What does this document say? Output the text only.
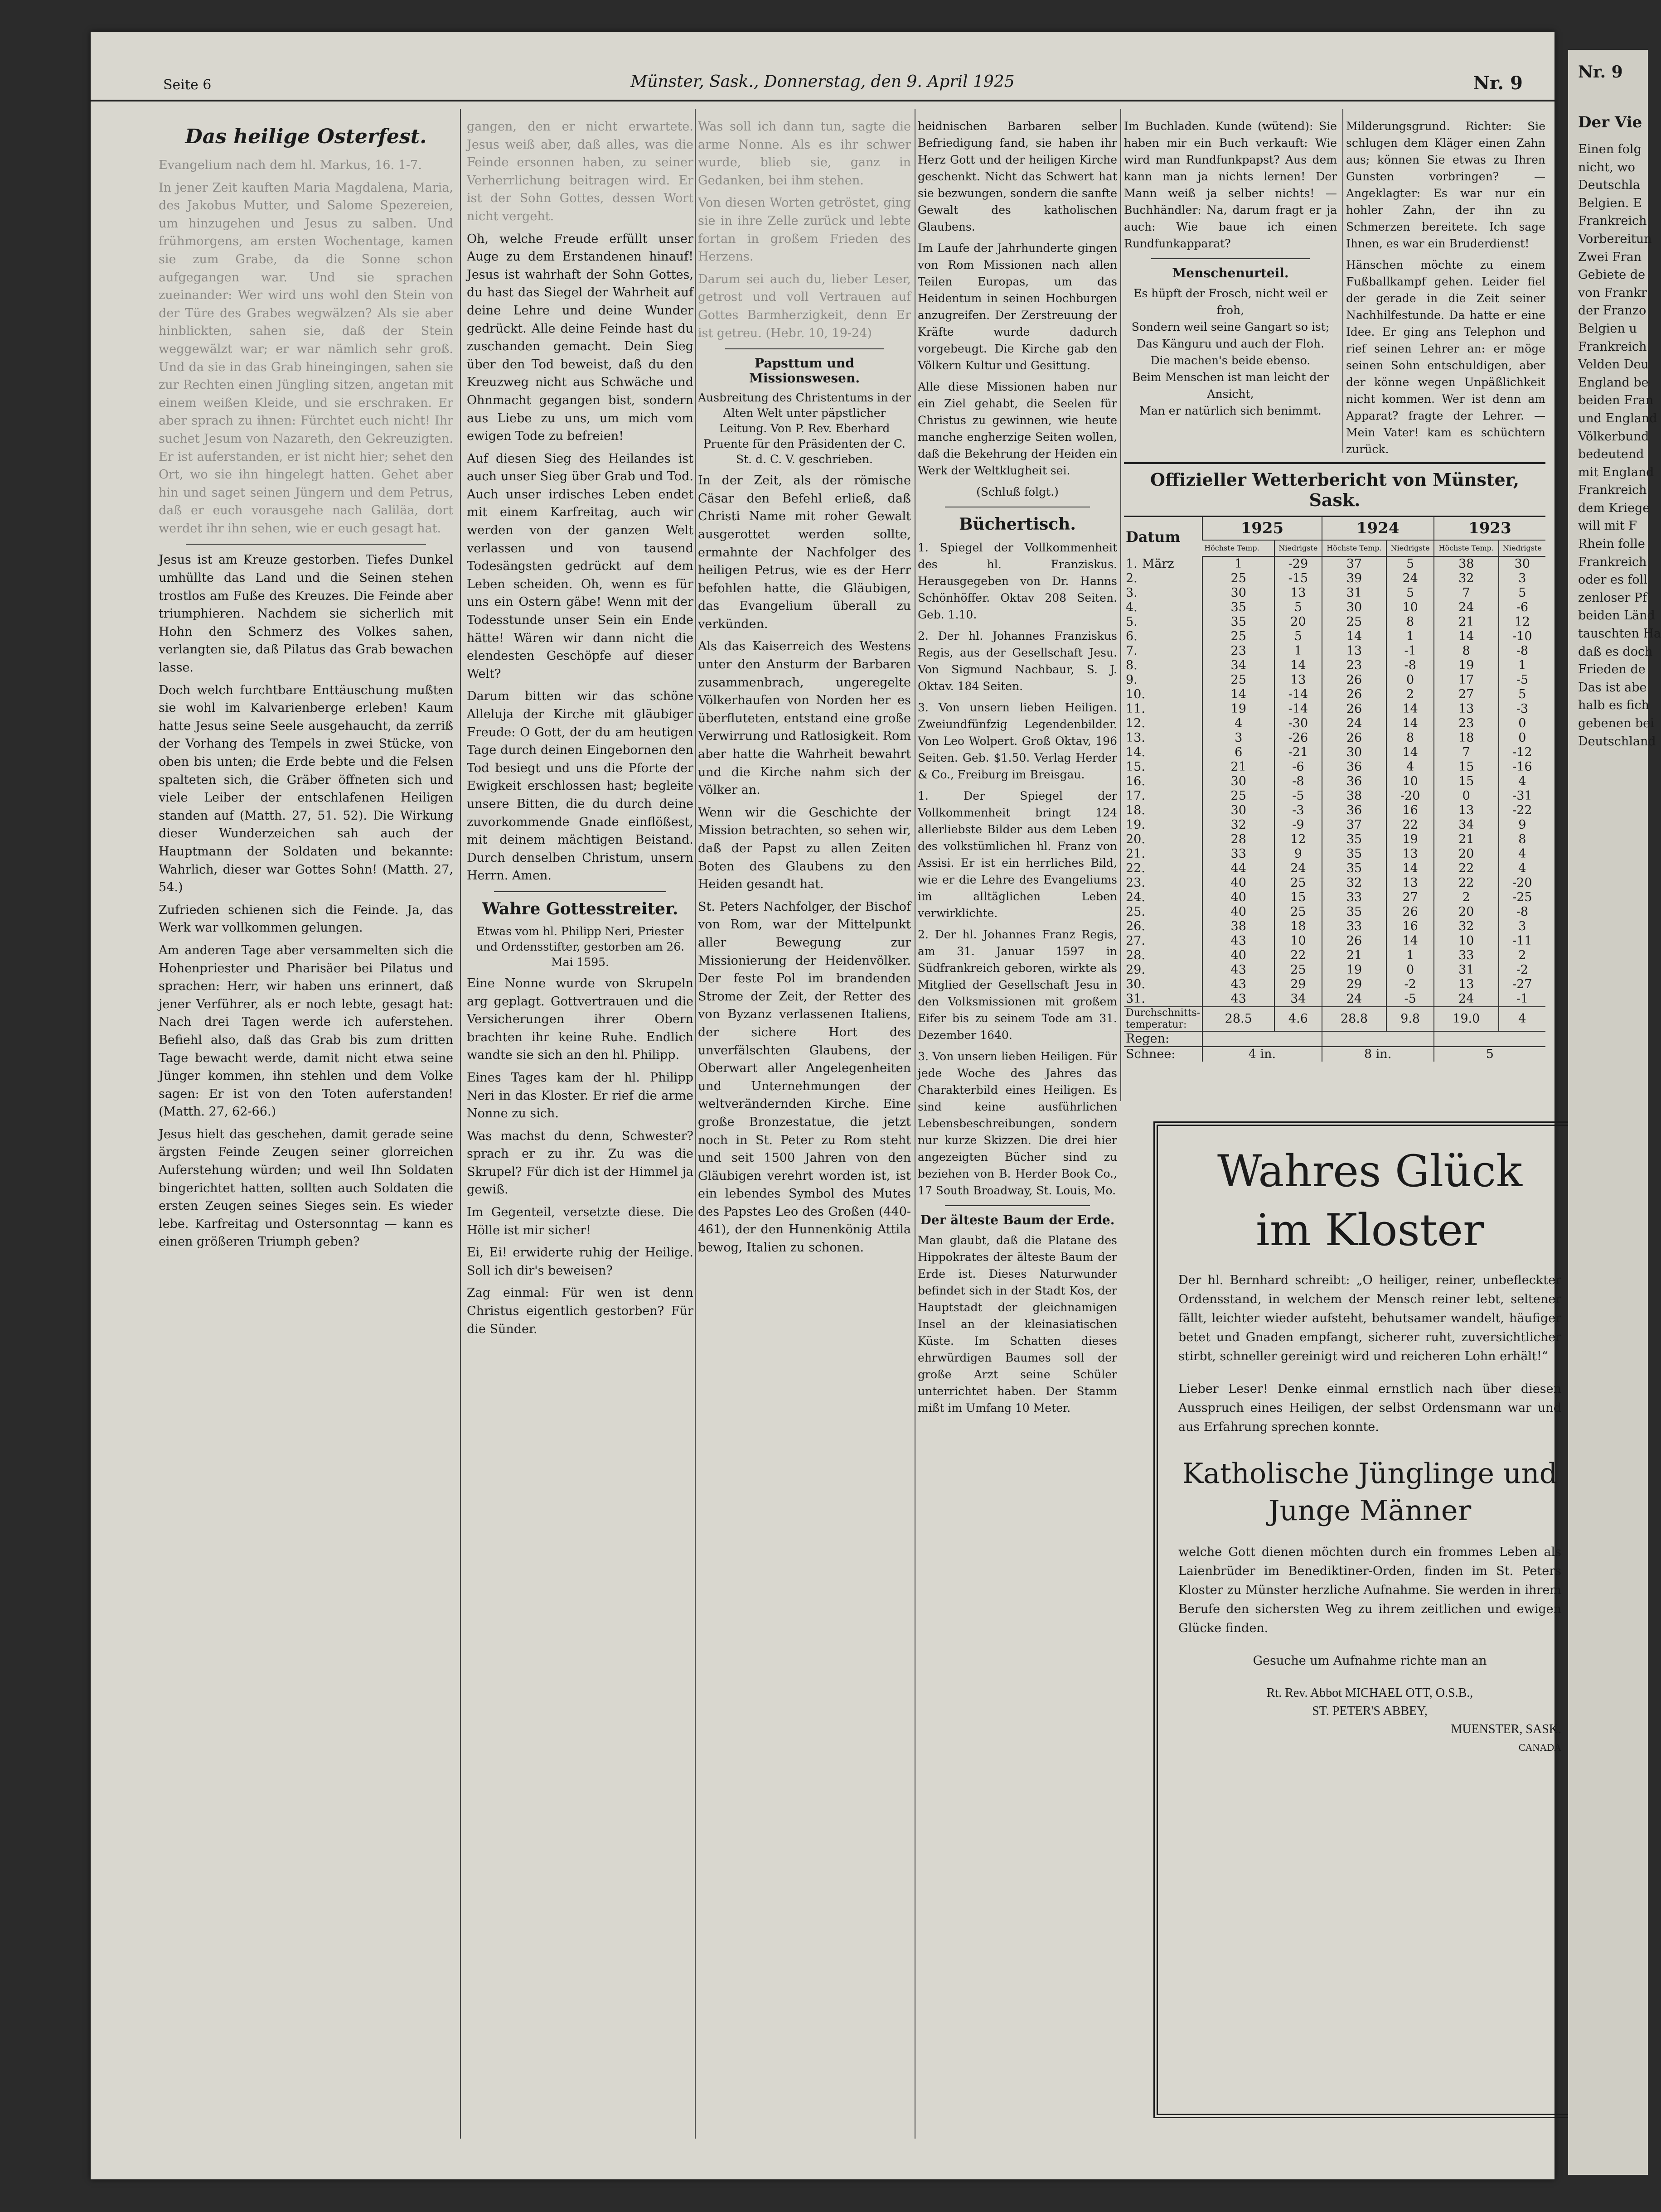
Seite 6	Münster, Sask., Donnerstag, den 9. April 1925	Nr. 9
Das heilige Osterfest.

Evangelium nach dem hl. Markus, 16. 1-7.

In jener Zeit kauften Maria Magdalena, Maria, des Jakobus Mutter, und Salome Spezereien, um hinzugehen und Jesus zu salben. Und frühmorgens, am ersten Wochentage, kamen sie zum Grabe, da die Sonne schon aufgegangen war. Und sie sprachen zueinander: Wer wird uns wohl den Stein von der Türe des Grabes wegwälzen? Als sie aber hinblickten, sahen sie, daß der Stein weggewälzt war; er war nämlich sehr groß. Und da sie in das Grab hineingingen, sahen sie zur Rechten einen Jüngling sitzen, angetan mit einem weißen Kleide, und sie erschraken. Er aber sprach zu ihnen: Fürchtet euch nicht! Ihr suchet Jesum von Nazareth, den Gekreuzigten. Er ist auferstanden, er ist nicht hier; sehet den Ort, wo sie ihn hingelegt hatten. Gehet aber hin und saget seinen Jüngern und dem Petrus, daß er euch vorausgehe nach Galiläa, dort werdet ihr ihn sehen, wie er euch gesagt hat.

Jesus ist am Kreuze gestorben. Tiefes Dunkel umhüllte das Land und die Seinen stehen trostlos am Fuße des Kreuzes. Die Feinde aber triumphieren. Nachdem sie sicherlich mit Hohn den Schmerz des Volkes sahen, verlangten sie, daß Pilatus das Grab bewachen lasse.

Doch welch furchtbare Enttäuschung mußten sie wohl im Kalvarienberge erleben! Kaum hatte Jesus seine Seele ausgehaucht, da zerriß der Vorhang des Tempels in zwei Stücke, von oben bis unten; die Erde bebte und die Felsen spalteten sich, die Gräber öffneten sich und viele Leiber der entschlafenen Heiligen standen auf (Matth. 27, 51. 52). Die Wirkung dieser Wunderzeichen sah auch der Hauptmann der Soldaten und bekannte: Wahrlich, dieser war Gottes Sohn! (Matth. 27, 54.)

Zufrieden schienen sich die Feinde. Ja, das Werk war vollkommen gelungen.

Am anderen Tage aber versammelten sich die Hohenpriester und Pharisäer bei Pilatus und sprachen: Herr, wir haben uns erinnert, daß jener Verführer, als er noch lebte, gesagt hat: Nach drei Tagen werde ich auferstehen. Befiehl also, daß das Grab bis zum dritten Tage bewacht werde, damit nicht etwa seine Jünger kommen, ihn stehlen und dem Volke sagen: Er ist von den Toten auferstanden! (Matth. 27, 62-66.)

Jesus hielt das geschehen, damit gerade seine ärgsten Feinde Zeugen seiner glorreichen Auferstehung würden; und weil Ihn Soldaten bingerichtet hatten, sollten auch Soldaten die ersten Zeugen seines Sieges sein. Es wieder lebe. Karfreitag und Ostersonntag — kann es einen größeren Triumph geben?

gangen, den er nicht erwartete. Jesus weiß aber, daß alles, was die Feinde ersonnen haben, zu seiner Verherrlichung beitragen wird. Er ist der Sohn Gottes, dessen Wort nicht vergeht.

Oh, welche Freude erfüllt unser Auge zu dem Erstandenen hinauf! Jesus ist wahrhaft der Sohn Gottes, du hast das Siegel der Wahrheit auf deine Lehre und deine Wunder gedrückt. Alle deine Feinde hast du zuschanden gemacht. Dein Sieg über den Tod beweist, daß du den Kreuzweg nicht aus Schwäche und Ohnmacht gegangen bist, sondern aus Liebe zu uns, um mich vom ewigen Tode zu befreien!

Auf diesen Sieg des Heilandes ist auch unser Sieg über Grab und Tod. Auch unser irdisches Leben endet mit einem Karfreitag, auch wir werden von der ganzen Welt verlassen und von tausend Todesängsten gedrückt auf dem Leben scheiden. Oh, wenn es für uns ein Ostern gäbe! Wenn mit der Todesstunde unser Sein ein Ende hätte! Wären wir dann nicht die elendesten Geschöpfe auf dieser Welt?

Darum bitten wir das schöne Alleluja der Kirche mit gläubiger Freude: O Gott, der du am heutigen Tage durch deinen Eingebornen den Tod besiegt und uns die Pforte der Ewigkeit erschlossen hast; begleite unsere Bitten, die du durch deine zuvorkommende Gnade einflößest, mit deinem mächtigen Beistand. Durch denselben Christum, unsern Herrn. Amen.

Wahre Gottesstreiter.
Etwas vom hl. Philipp Neri, Priester und Ordensstifter, gestorben am 26. Mai 1595.

Eine Nonne wurde von Skrupeln arg geplagt. Gottvertrauen und die Versicherungen ihrer Obern brachten ihr keine Ruhe. Endlich wandte sie sich an den hl. Philipp.

Eines Tages kam der hl. Philipp Neri in das Kloster. Er rief die arme Nonne zu sich.

Was machst du denn, Schwester? sprach er zu ihr. Zu was die Skrupel? Für dich ist der Himmel ja gewiß.

Im Gegenteil, versetzte diese. Die Hölle ist mir sicher!

Ei, Ei! erwiderte ruhig der Heilige. Soll ich dir's beweisen?

Zag einmal: Für wen ist denn Christus eigentlich gestorben? Für die Sünder.

Was soll ich dann tun, sagte die arme Nonne. Als es ihr schwer wurde, blieb sie, ganz in Gedanken, bei ihm stehen.

Von diesen Worten getröstet, ging sie in ihre Zelle zurück und lebte fortan in großem Frieden des Herzens.

Darum sei auch du, lieber Leser, getrost und voll Vertrauen auf Gottes Barmherzigkeit, denn Er ist getreu. (Hebr. 10, 19-24)

Papsttum und Missionswesen.
Ausbreitung des Christentums in der Alten Welt unter päpstlicher Leitung. Von P. Rev. Eberhard Pruente für den Präsidenten der C. St. d. C. V. geschrieben.

In der Zeit, als der römische Cäsar den Befehl erließ, daß Christi Name mit roher Gewalt ausgerottet werden sollte, ermahnte der Nachfolger des heiligen Petrus, wie es der Herr befohlen hatte, die Gläubigen, das Evangelium überall zu verkünden.

Als das Kaiserreich des Westens unter den Ansturm der Barbaren zusammenbrach, ungeregelte Völkerhaufen von Norden her es überfluteten, entstand eine große Verwirrung und Ratlosigkeit. Rom aber hatte die Wahrheit bewahrt und die Kirche nahm sich der Völker an.

Wenn wir die Geschichte der Mission betrachten, so sehen wir, daß der Papst zu allen Zeiten Boten des Glaubens zu den Heiden gesandt hat.

St. Peters Nachfolger, der Bischof von Rom, war der Mittelpunkt aller Bewegung zur Missionierung der Heidenvölker. Der feste Pol im brandenden Strome der Zeit, der Retter des von Byzanz verlassenen Italiens, der sichere Hort des unverfälschten Glaubens, der Oberwart aller Angelegenheiten und Unternehmungen der weltverändernden Kirche. Eine große Bronzestatue, die jetzt noch in St. Peter zu Rom steht und seit 1500 Jahren von den Gläubigen verehrt worden ist, ist ein lebendes Symbol des Mutes des Papstes Leo des Großen (440-461), der den Hunnenkönig Attila bewog, Italien zu schonen.

heidnischen Barbaren selber Befriedigung fand, sie haben ihr Herz Gott und der heiligen Kirche geschenkt. Nicht das Schwert hat sie bezwungen, sondern die sanfte Gewalt des katholischen Glaubens.

Im Laufe der Jahrhunderte gingen von Rom Missionen nach allen Teilen Europas, um das Heidentum in seinen Hochburgen anzugreifen. Der Zerstreuung der Kräfte wurde dadurch vorgebeugt. Die Kirche gab den Völkern Kultur und Gesittung.

Alle diese Missionen haben nur ein Ziel gehabt, die Seelen für Christus zu gewinnen, wie heute manche engherzige Seiten wollen, daß die Bekehrung der Heiden ein Werk der Weltklugheit sei.

(Schluß folgt.)

Büchertisch.

1. Spiegel der Vollkommenheit des hl. Franziskus. Herausgegeben von Dr. Hanns Schönhöffer. Oktav 208 Seiten. Geb. 1.10.

2. Der hl. Johannes Franziskus Regis, aus der Gesellschaft Jesu. Von Sigmund Nachbaur, S. J. Oktav. 184 Seiten.

3. Von unsern lieben Heiligen. Zweiundfünfzig Legendenbilder. Von Leo Wolpert. Groß Oktav, 196 Seiten. Geb. $1.50. Verlag Herder & Co., Freiburg im Breisgau.

1. Der Spiegel der Vollkommenheit bringt 124 allerliebste Bilder aus dem Leben des volkstümlichen hl. Franz von Assisi. Er ist ein herrliches Bild, wie er die Lehre des Evangeliums im alltäglichen Leben verwirklichte.

2. Der hl. Johannes Franz Regis, am 31. Januar 1597 in Südfrankreich geboren, wirkte als Mitglied der Gesellschaft Jesu in den Volksmissionen mit großem Eifer bis zu seinem Tode am 31. Dezember 1640.

3. Von unsern lieben Heiligen. Für jede Woche des Jahres das Charakterbild eines Heiligen. Es sind keine ausführlichen Lebensbeschreibungen, sondern nur kurze Skizzen. Die drei hier angezeigten Bücher sind zu beziehen von B. Herder Book Co., 17 South Broadway, St. Louis, Mo.

Der älteste Baum der Erde.

Man glaubt, daß die Platane des Hippokrates der älteste Baum der Erde ist. Dieses Naturwunder befindet sich in der Stadt Kos, der Hauptstadt der gleichnamigen Insel an der kleinasiatischen Küste. Im Schatten dieses ehrwürdigen Baumes soll der große Arzt seine Schüler unterrichtet haben. Der Stamm mißt im Umfang 10 Meter.

Im Buchladen. Kunde (wütend): Sie haben mir ein Buch verkauft: Wie wird man Rundfunkpapst? Aus dem kann man ja nichts lernen! Der Mann weiß ja selber nichts! — Buchhändler: Na, darum fragt er ja auch: Wie baue ich einen Rundfunkapparat?

Menschenurteil.

Es hüpft der Frosch, nicht weil er froh,

Sondern weil seine Gangart so ist;

Das Känguru und auch der Floh.

Die machen's beide ebenso.

Beim Menschen ist man leicht der Ansicht,

Man er natürlich sich benimmt.

Milderungsgrund. Richter: Sie schlugen dem Kläger einen Zahn aus; können Sie etwas zu Ihren Gunsten vorbringen? — Angeklagter: Es war nur ein hohler Zahn, der ihn zu Schmerzen bereitete. Ich sage Ihnen, es war ein Bruderdienst!

Hänschen möchte zu einem Fußballkampf gehen. Leider fiel der gerade in die Zeit seiner Nachhilfestunde. Da hatte er eine Idee. Er ging ans Telephon und rief seinen Lehrer an: er möge seinen Sohn entschuldigen, aber der könne wegen Unpäßlichkeit nicht kommen. Wer ist denn am Apparat? fragte der Lehrer. — Mein Vater! kam es schüchtern zurück.

Offizieller Wetterbericht von Münster, Sask.
Datum	1925		1924		1923	
	Höchste Temp.	Niedrigste	Höchste Temp.	Niedrigste	Höchste Temp.	Niedrigste
1. März	1	-29	37	5	38	30
2.	25	-15	39	24	32	3
3.	30	13	31	5	7	5
4.	35	5	30	10	24	-6
5.	35	20	25	8	21	12
6.	25	5	14	1	14	-10
7.	23	1	13	-1	8	-8
8.	34	14	23	-8	19	1
9.	25	13	26	0	17	-5
10.	14	-14	26	2	27	5
11.	19	-14	26	14	13	-3
12.	4	-30	24	14	23	0
13.	3	-26	26	8	18	0
14.	6	-21	30	14	7	-12
15.	21	-6	36	4	15	-16
16.	30	-8	36	10	15	4
17.	25	-5	38	-20	0	-31
18.	30	-3	36	16	13	-22
19.	32	-9	37	22	34	9
20.	28	12	35	19	21	8
21.	33	9	35	13	20	4
22.	44	24	35	14	22	4
23.	40	25	32	13	22	-20
24.	40	15	33	27	2	-25
25.	40	25	35	26	20	-8
26.	38	18	33	16	32	3
27.	43	10	26	14	10	-11
28.	40	22	21	1	33	2
29.	43	25	19	0	31	-2
30.	43	29	29	-2	13	-27
31.	43	34	24	-5	24	-1
Durchschnitts-temperatur:	28.5	4.6	28.8	9.8	19.0	4
Regen:						
Schnee:	4 in.		8 in.		5	
Wahres Glück
im Kloster

Der hl. Bernhard schreibt: „O heiliger, reiner, unbefleckter Ordensstand, in welchem der Mensch reiner lebt, seltener fällt, leichter wieder aufsteht, behutsamer wandelt, häufiger betet und Gnaden empfangt, sicherer ruht, zuversichtlicher stirbt, schneller gereinigt wird und reicheren Lohn erhält!“

Lieber Leser! Denke einmal ernstlich nach über diesen Ausspruch eines Heiligen, der selbst Ordensmann war und aus Erfahrung sprechen konnte.

Katholische Jünglinge und Junge Männer

welche Gott dienen möchten durch ein frommes Leben als Laienbrüder im Benediktiner-Orden, finden im St. Peters Kloster zu Münster herzliche Aufnahme. Sie werden in ihrem Berufe den sichersten Weg zu ihrem zeitlichen und ewigen Glücke finden.

Gesuche um Aufnahme richte man an

Rt. Rev. Abbot MICHAEL OTT, O.S.B.,
ST. PETER'S ABBEY,
MUENSTER, SASK.
CANADA
Nr. 9
Der Vie
Einen folg
nicht, wo
Deutschla
Belgien. E
Frankreich
Vorbereitun
Zwei Fran
Gebiete de
von Frankr
der Franzo
Belgien u
Frankreich
Velden Deu
England be
beiden Fran
und England
Völkerbund
bedeutend
mit England
Frankreich
dem Kriege
will mit F
Rhein folle
Frankreich
oder es foll
zenloser Pf
beiden Länd
tauschten Ha
daß es doch
Frieden de
Das ist abe
halb es fich
gebenen bei
Deutschland
